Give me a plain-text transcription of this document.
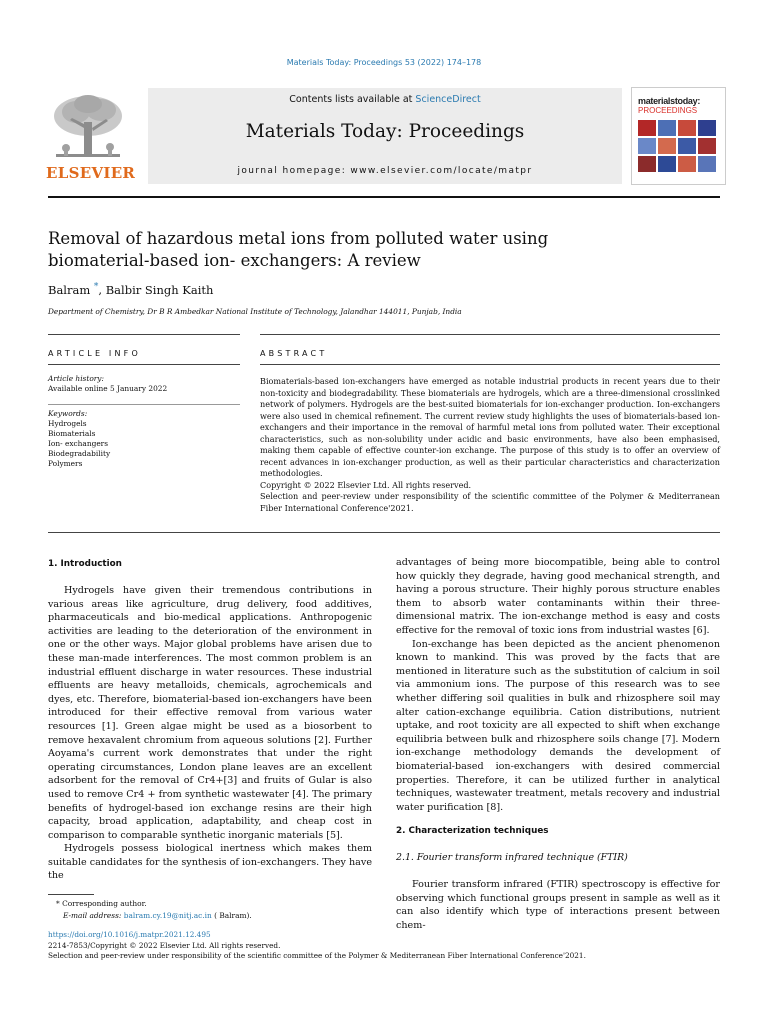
Materials Today: Proceedings 53 (2022) 174–178
ELSEVIER
Contents lists available at ScienceDirect
Materials Today: Proceedings
journal homepage: www.elsevier.com/locate/matpr
materialstoday:
PROCEEDINGS
Removal of hazardous metal ions from polluted water using biomaterial-based ion- exchangers: A review
Balram *, Balbir Singh Kaith
Department of Chemistry, Dr B R Ambedkar National Institute of Technology, Jalandhar 144011, Punjab, India
ARTICLE INFO
Article history:
Available online 5 January 2022
Keywords:
Hydrogels
Biomaterials
Ion- exchangers
Biodegradability
Polymers
ABSTRACT

Biomaterials-based ion-exchangers have emerged as notable industrial products in recent years due to their non-toxicity and biodegradability. These biomaterials are hydrogels, which are a three-dimensional crosslinked network of polymers. Hydrogels are the best-suited biomaterials for ion-exchanger production. Ion-exchangers were also used in chemical refinement. The current review study highlights the uses of biomaterials-based ion-exchangers and their importance in the removal of harmful metal ions from polluted water. Their exceptional characteristics, such as non-solubility under acidic and basic environments, have also been emphasised, making them capable of effective counter-ion exchange. The purpose of this study is to offer an overview of recent advances in ion-exchanger production, as well as their particular characteristics and characterization methodologies.

Copyright © 2022 Elsevier Ltd. All rights reserved.

Selection and peer-review under responsibility of the scientific committee of the Polymer & Mediterranean Fiber International Conference'2021.

1. Introduction

Hydrogels have given their tremendous contributions in various areas like agriculture, drug delivery, food additives, pharmaceuticals and bio-medical applications. Anthropogenic activities are leading to the deterioration of the environment in one or the other ways. Major global problems have arisen due to these man-made interferences. The most common problem is an industrial effluent discharge in water resources. These industrial effluents are heavy metalloids, chemicals, agrochemicals and dyes, etc. Therefore, biomaterial-based ion-exchangers have been introduced for their effective removal from various water resources [1]. Green algae might be used as a biosorbent to remove hexavalent chromium from aqueous solutions [2]. Further Aoyama's current work demonstrates that under the right operating circumstances, London plane leaves are an excellent adsorbent for the removal of Cr4+[3] and fruits of Gular is also used to remove Cr4 + from synthetic wastewater [4]. The primary benefits of hydrogel-based ion exchange resins are their high capacity, broad application, adaptability, and cheap cost in comparison to comparable synthetic inorganic materials [5].

Hydrogels possess biological inertness which makes them suitable candidates for the synthesis of ion-exchangers. They have the

advantages of being more biocompatible, being able to control how quickly they degrade, having good mechanical strength, and having a porous structure. Their highly porous structure enables them to absorb water contaminants within their three-dimensional matrix. The ion-exchange method is easy and costs effective for the removal of toxic ions from industrial wastes [6].

Ion-exchange has been depicted as the ancient phenomenon known to mankind. This was proved by the facts that are mentioned in literature such as the substitution of calcium in soil via ammonium ions. The purpose of this research was to see whether differing soil qualities in bulk and rhizosphere soil may alter cation-exchange equilibria. Cation distributions, nutrient uptake, and root toxicity are all expected to shift when exchange equilibria between bulk and rhizosphere soils change [7]. Modern ion-exchange methodology demands the development of biomaterial-based ion-exchangers with desired commercial properties. Therefore, it can be utilized further in analytical techniques, wastewater treatment, metals recovery and industrial water purification [8].

2. Characterization techniques
2.1. Fourier transform infrared technique (FTIR)

Fourier transform infrared (FTIR) spectroscopy is effective for observing which functional groups present in sample as well as it can also identify which type of interactions present between chem-

* Corresponding author.
E-mail address: balram.cy.19@nitj.ac.in ( Balram).
https://doi.org/10.1016/j.matpr.2021.12.495
2214-7853/Copyright © 2022 Elsevier Ltd. All rights reserved.
Selection and peer-review under responsibility of the scientific committee of the Polymer & Mediterranean Fiber International Conference'2021.
